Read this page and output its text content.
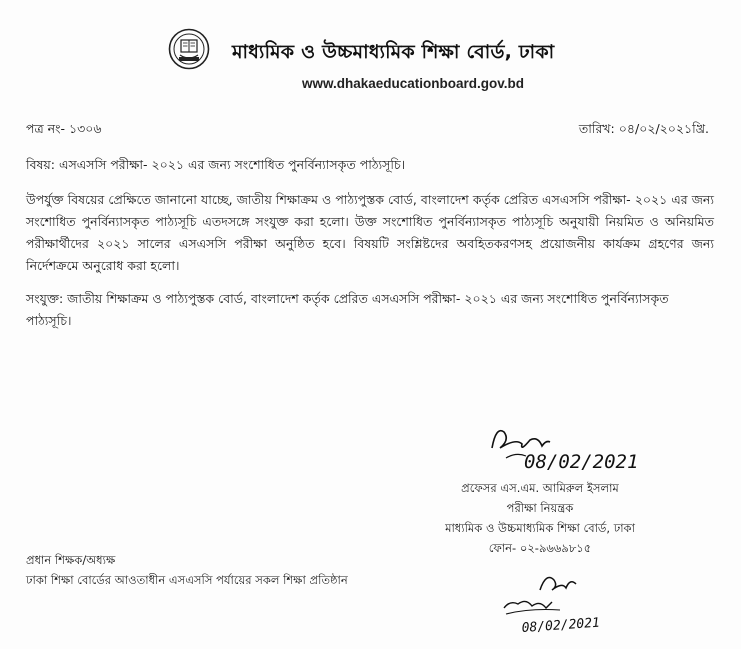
মাধ্যমিক ও উচ্চমাধ্যমিক শিক্ষা বোর্ড, ঢাকা
www.dhakaeducationboard.gov.bd
পত্র নং- ১৩০৬	তারিখ: ০৪/০২/২০২১খ্রি.
বিষয়: এসএসসি পরীক্ষা- ২০২১ এর জন্য সংশোধিত পুনর্বিন্যাসকৃত পাঠ্যসূচি।
উপর্যুক্ত বিষয়ের প্রেক্ষিতে জানানো যাচ্ছে, জাতীয় শিক্ষাক্রম ও পাঠ্যপুস্তক বোর্ড, বাংলাদেশ কর্তৃক প্রেরিত এসএসসি পরীক্ষা- ২০২১ এর জন্য সংশোধিত পুনর্বিন্যাসকৃত পাঠ্যসূচি এতদসঙ্গে সংযুক্ত করা হলো। উক্ত সংশোধিত পুনর্বিন্যাসকৃত পাঠ্যসূচি অনুযায়ী নিয়মিত ও অনিয়মিত পরীক্ষার্থীদের ২০২১ সালের এসএসসি পরীক্ষা অনুষ্ঠিত হবে। বিষয়টি সংশ্লিষ্টদের অবহিতকরণসহ প্রয়োজনীয় কার্যক্রম গ্রহণের জন্য নির্দেশক্রমে অনুরোধ করা হলো।
সংযুক্ত: জাতীয় শিক্ষাক্রম ও পাঠ্যপুস্তক বোর্ড, বাংলাদেশ কর্তৃক প্রেরিত এসএসসি পরীক্ষা- ২০২১ এর জন্য সংশোধিত পুনর্বিন্যাসকৃত পাঠ্যসূচি।
08/02/2021
প্রফেসর এস.এম. আমিরুল ইসলাম
পরীক্ষা নিয়ন্ত্রক
মাধ্যমিক ও উচ্চমাধ্যমিক শিক্ষা বোর্ড, ঢাকা
ফোন- ০২-৯৬৬৯৮১৫
প্রধান শিক্ষক/অধ্যক্ষ
ঢাকা শিক্ষা বোর্ডের আওতাধীন এসএসসি পর্যায়ের সকল শিক্ষা প্রতিষ্ঠান
08/02/2021
